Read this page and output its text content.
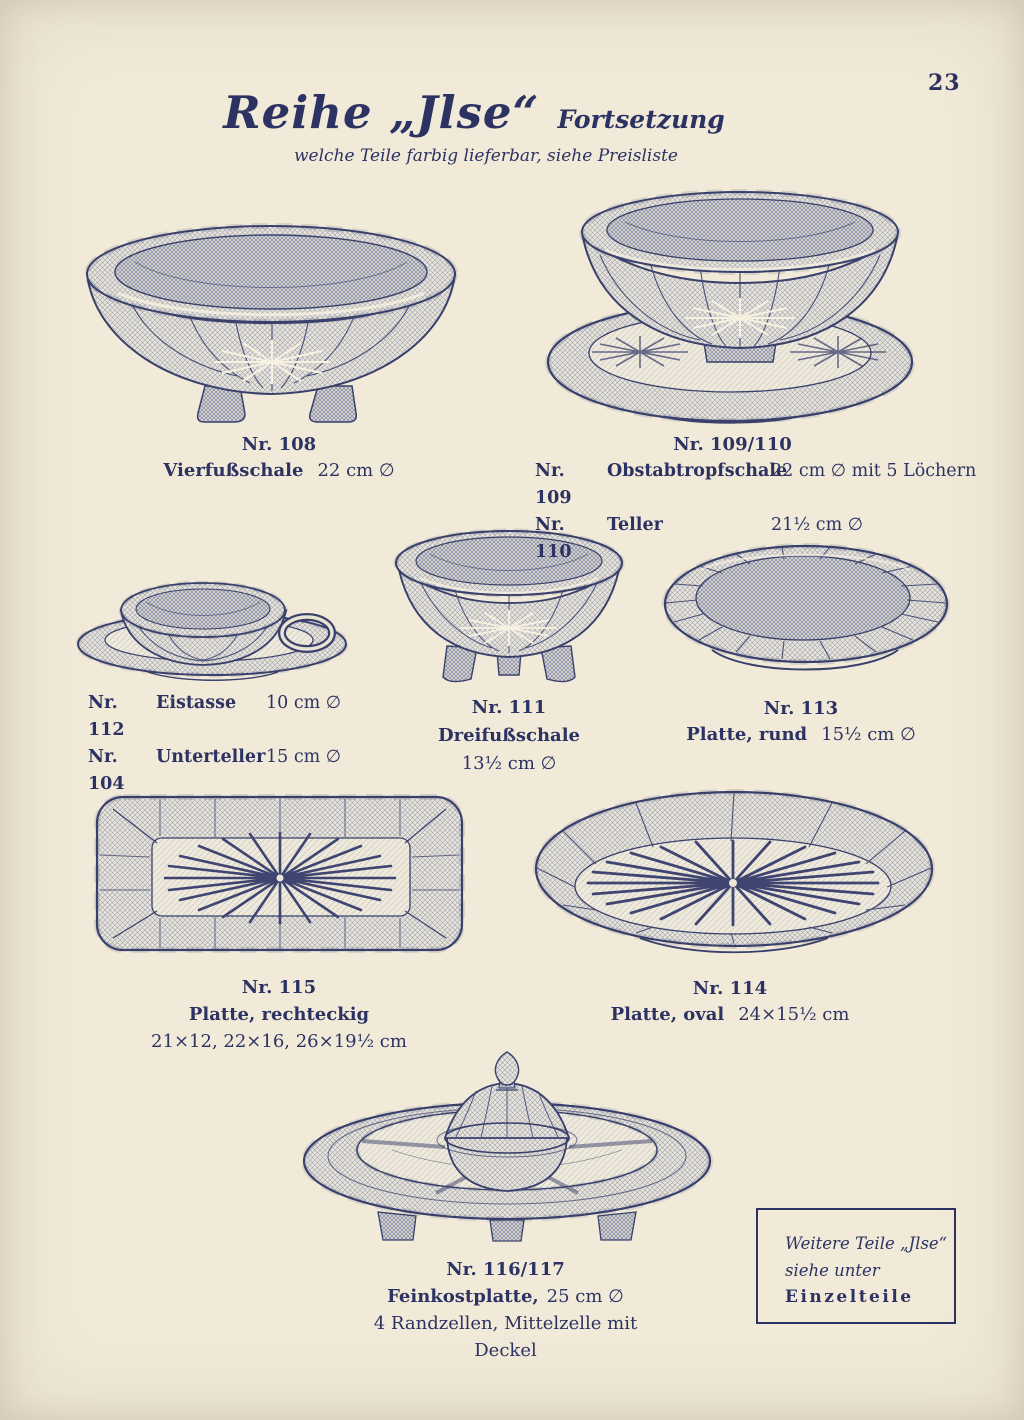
23
Reihe „Jlse“ Fortsetzung
welche Teile farbig lieferbar, siehe Preisliste
Nr. 108
Vierfußschale 22 cm ∅
Nr. 109/110
Nr. 109
Obstabtropfschale
22 cm ∅ mit 5 Löchern
Nr. 110
Teller	21½ cm ∅
Nr. 112
Eistasse	10 cm ∅
Nr. 104
Unterteller 15 cm ∅
Nr. 111
Dreifußschale
13½ cm ∅
Nr. 113
Platte, rund 15½ cm ∅
Nr. 115
Platte, rechteckig
21×12, 22×16, 26×19½ cm
Nr. 114
Platte, oval 24×15½ cm
Nr. 116/117
Feinkostplatte, 25 cm ∅
4 Randzellen, Mittelzelle mit Deckel
Weitere Teile „Jlse“
siehe unter
Einzelteile
